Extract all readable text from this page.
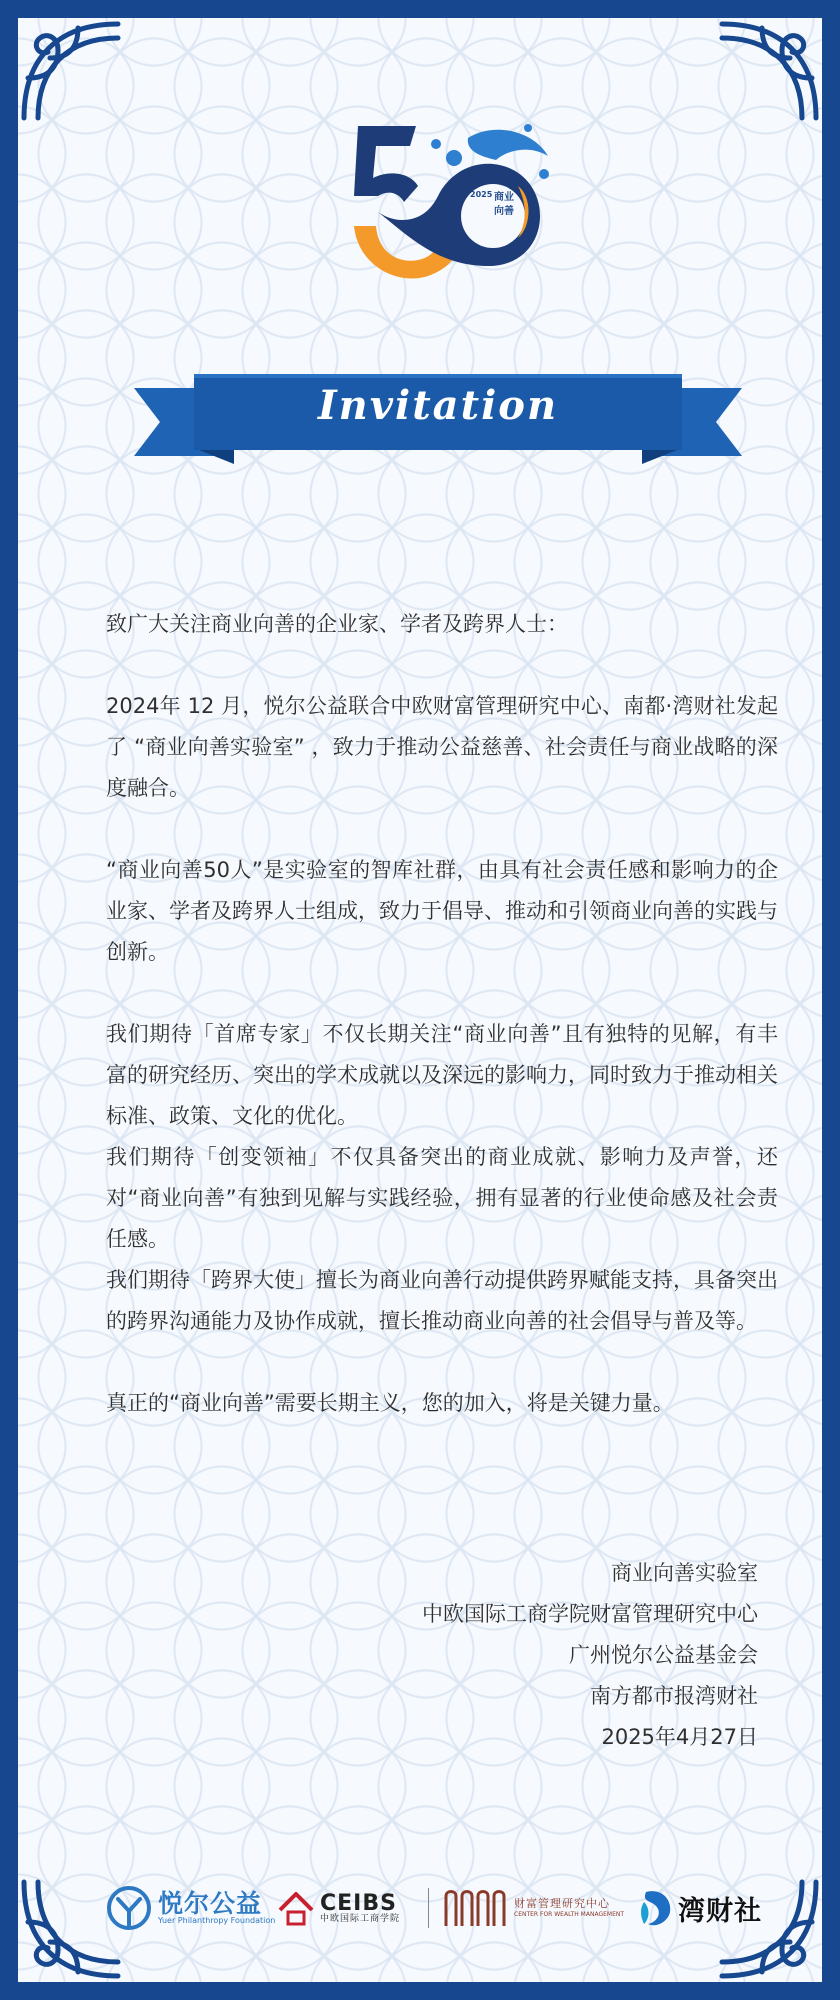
2025 商业
向善
Invitation

致广大关注商业向善的企业家、学者及跨界人士：

2024年 12 月，悦尔公益联合中欧财富管理研究中心、南都·湾财社发起了 “商业向善实验室” ，致力于推动公益慈善、社会责任与商业战略的深度融合。

“商业向善50人”是实验室的智库社群，由具有社会责任感和影响力的企业家、学者及跨界人士组成，致力于倡导、推动和引领商业向善的实践与创新。

我们期待「首席专家」不仅长期关注“商业向善”且有独特的见解，有丰富的研究经历、突出的学术成就以及深远的影响力，同时致力于推动相关标准、政策、文化的优化。

我们期待「创变领袖」不仅具备突出的商业成就、影响力及声誉，还对“商业向善”有独到见解与实践经验，拥有显著的行业使命感及社会责任感。

我们期待「跨界大使」擅长为商业向善行动提供跨界赋能支持，具备突出的跨界沟通能力及协作成就，擅长推动商业向善的社会倡导与普及等。

真正的“商业向善”需要长期主义，您的加入，将是关键力量。

商业向善实验室
中欧国际工商学院财富管理研究中心
广州悦尔公益基金会
南方都市报湾财社
2025年4月27日
悦尔公益
Yuer Philanthropy Foundation
CEIBS
中欧国际工商学院
财富管理研究中心
CENTER FOR WEALTH MANAGEMENT 湾财社
